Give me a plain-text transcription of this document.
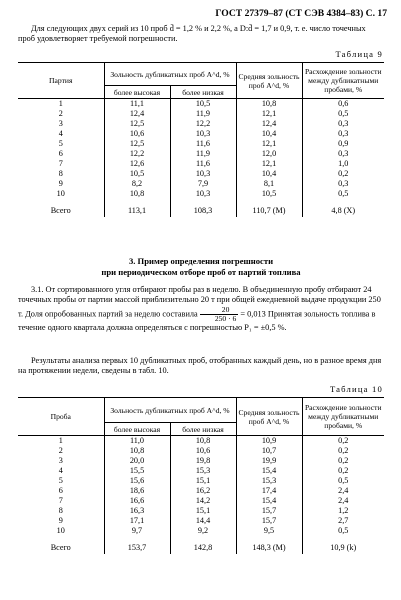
ГОСТ 27379–87 (СТ СЭВ 4384–83) С. 17
Для следующих двух серий из 10 проб d̄ = 1,2 % и 2,2 %, а D:d̄ = 1,7 и 0,9, т. е. число точечных проб удовлетворяет требуемой погрешности.
Таблица 9
Партия	Зольность дубликатных проб A^d, %		Средняя зольность проб A^d, %	Расхождение зольности между дубликатными пробами, %
	более высокая	более низкая		
1	11,1	10,5	10,8	0,6
2	12,4	11,9	12,1	0,5
3	12,5	12,2	12,4	0,3
4	10,6	10,3	10,4	0,3
5	12,5	11,6	12,1	0,9
6	12,2	11,9	12,0	0,3
7	12,6	11,6	12,1	1,0
8	10,5	10,3	10,4	0,2
9	8,2	7,9	8,1	0,3
10	10,8	10,3	10,5	0,5

Всего	113,1	108,3	110,7 (M)	4,8 (X)
3. Пример определения погрешности
при периодическом отборе проб от партий топлива
3.1. От сортированного угля отбирают пробы раз в неделю. В объединенную пробу отбирают 24 точечных пробы от партии массой приблизительно 20 т при общей ежедневной выдаче продукции 250 т. Доля опробованных партий за неделю составила $\frac{20}{250 \cdot 6} = 0,013$ Принятая зольность топлива в течение одного квартала должна определяться с погрешностью P₁ = ±0,5 %.
Результаты анализа первых 10 дубликатных проб, отобранных каждый день, но в разное время дня на протяжении недели, сведены в табл. 10.
Таблица 10
Проба	Зольность дубликатных проб A^d, %		Средняя зольность проб A^d, %	Расхождение зольности между дубликатными пробами, %
	более высокая	более низкая		
1	11,0	10,8	10,9	0,2
2	10,8	10,6	10,7	0,2
3	20,0	19,8	19,9	0,2
4	15,5	15,3	15,4	0,2
5	15,6	15,1	15,3	0,5
6	18,6	16,2	17,4	2,4
7	16,6	14,2	15,4	2,4
8	16,3	15,1	15,7	1,2
9	17,1	14,4	15,7	2,7
10	9,7	9,2	9,5	0,5

Всего	153,7	142,8	148,3 (M)	10,9 (k)
